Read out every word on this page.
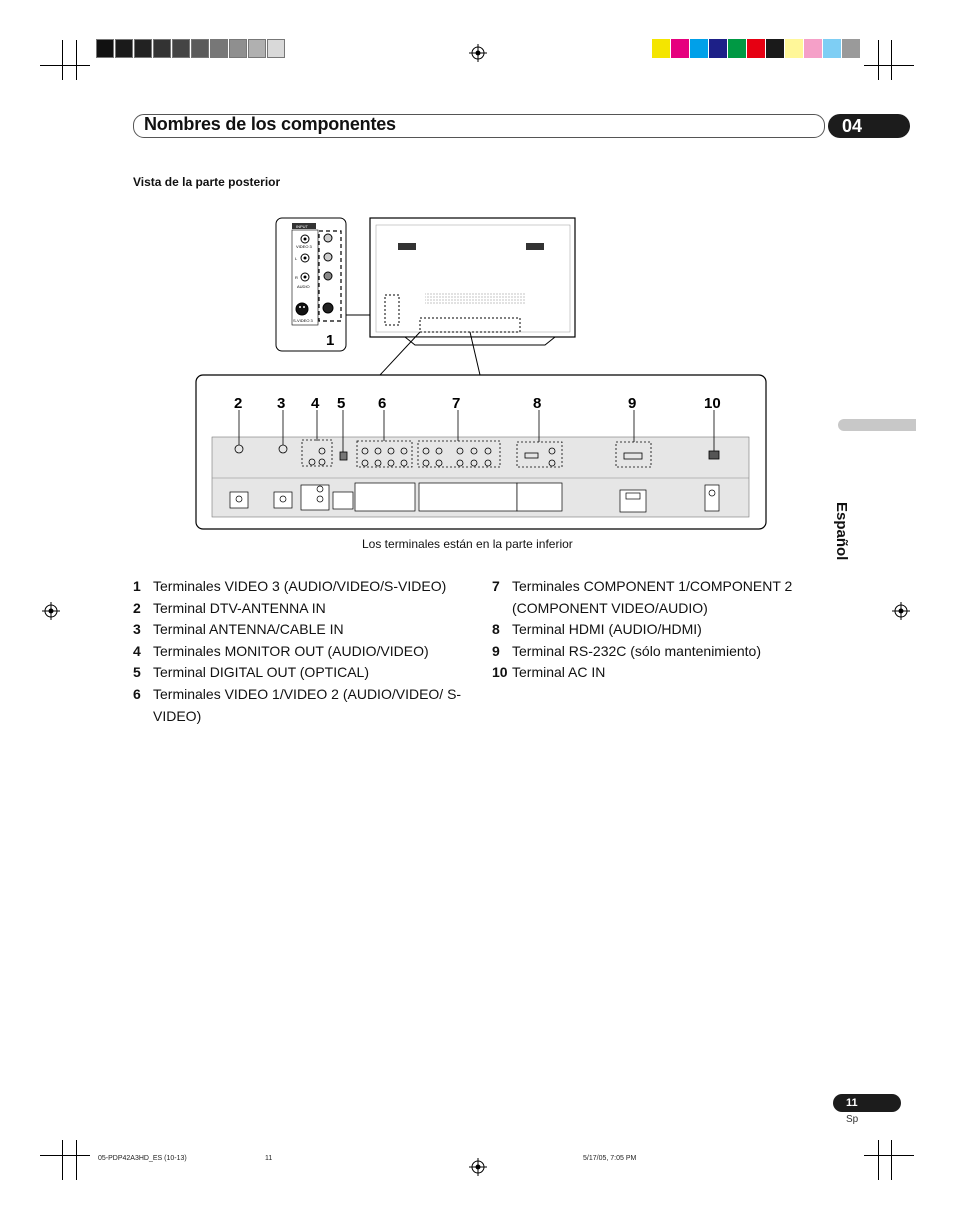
Nombres de los componentes	04
Vista de la parte posterior
Español
INPUT
VIDEO 3
L
R
AUDIO
S-VIDEO 3
1
2 3 4 5 6	7	8	9	10
Los terminales están en la parte inferior
1 Terminales VIDEO 3 (AUDIO/VIDEO/S-VIDEO)
2 Terminal DTV-ANTENNA IN
3 Terminal ANTENNA/CABLE IN
4 Terminales MONITOR OUT (AUDIO/VIDEO)
5 Terminal DIGITAL OUT (OPTICAL)
6 Terminales VIDEO 1/VIDEO 2 (AUDIO/VIDEO/ S-VIDEO)
7 Terminales COMPONENT 1/COMPONENT 2 (COMPONENT VIDEO/AUDIO)
8 Terminal HDMI (AUDIO/HDMI)
9 Terminal RS-232C (sólo mantenimiento)
10 Terminal AC IN
11
Sp
05-PDP42A3HD_ES (10-13)	11	5/17/05, 7:05 PM
